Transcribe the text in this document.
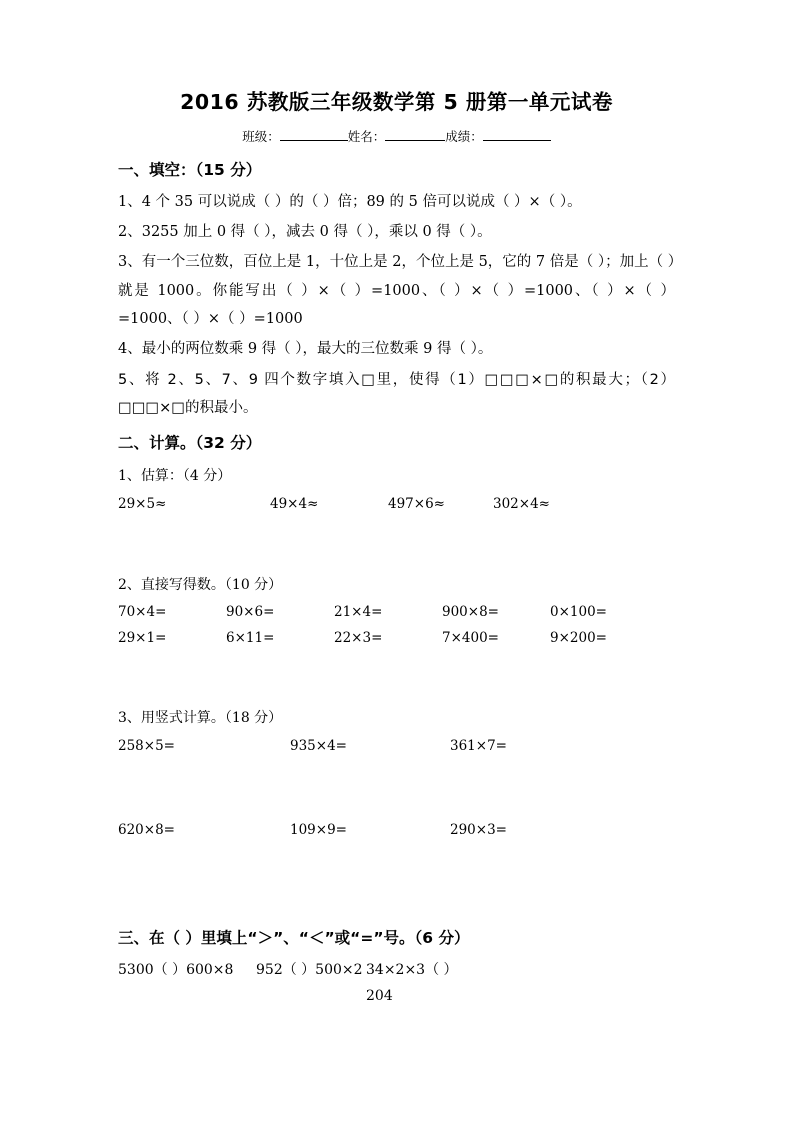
2016 苏教版三年级数学第 5 册第一单元试卷
班级：	姓名：	成绩：
一、填空：（15 分）
1、4 个 35 可以说成（ ）的（ ）倍；89 的 5 倍可以说成（ ）×（ ）。
2、3255 加上 0 得（ ），减去 0 得（ ），乘以 0 得（ ）。
3、有一个三位数，百位上是 1，十位上是 2，个位上是 5，它的 7 倍是（ ）；加上（ ）就是 1000。你能写出（ ）×（ ）=1000、（ ）×（ ）=1000、（ ）×（ ）=1000、（ ）×（ ）=1000
4、最小的两位数乘 9 得（ ），最大的三位数乘 9 得（ ）。
5、将 2、5、7、9 四个数字填入□里，使得（1）□□□×□的积最大；（2）□□□×□的积最小。
二、计算。（32 分）
1、估算：（4 分）
29×5≈	49×4≈	497×6≈	302×4≈
2、直接写得数。（10 分）
70×4=	90×6=	21×4=	900×8=	0×100=
29×1=	6×11=	22×3=	7×400=	9×200=
3、用竖式计算。（18 分）
258×5=	935×4=	361×7=
620×8=	109×9=	290×3=
三、在（ ）里填上“＞”、“＜”或“=”号。（6 分）
5300（ ）600×8	952（ ）500×2 34×2×3（ ）204
